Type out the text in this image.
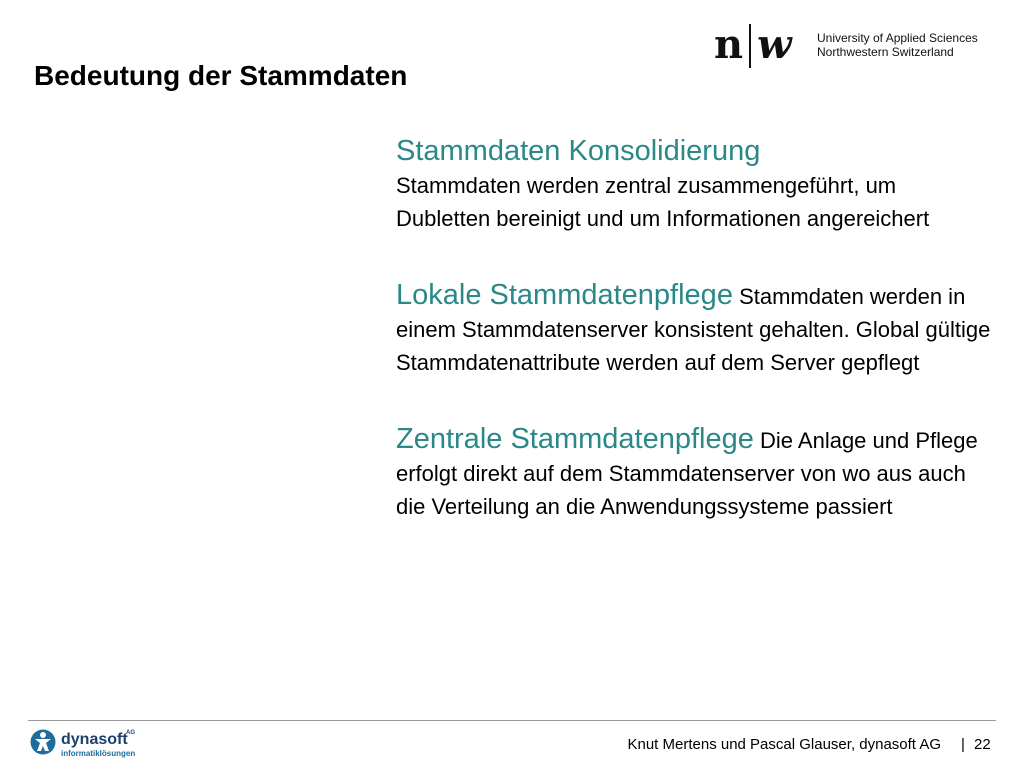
n w University of Applied Sciences
Northwestern Switzerland
Bedeutung der Stammdaten

Stammdaten Konsolidierung
Stammdaten werden zentral zusammengeführt, um Dubletten bereinigt und um Informationen angereichert

Lokale Stammdatenpflege Stammdaten werden in einem Stammdatenserver konsistent gehalten. Global gültige Stammdatenattribute werden auf dem Server gepflegt

Zentrale Stammdatenpflege Die Anlage und Pflege erfolgt direkt auf dem Stammdatenserver von wo aus auch die Verteilung an die Anwendungssysteme passiert

dynasoft
AG
informatiklösungen
Knut Mertens und Pascal Glauser, dynasoft AG | 22
